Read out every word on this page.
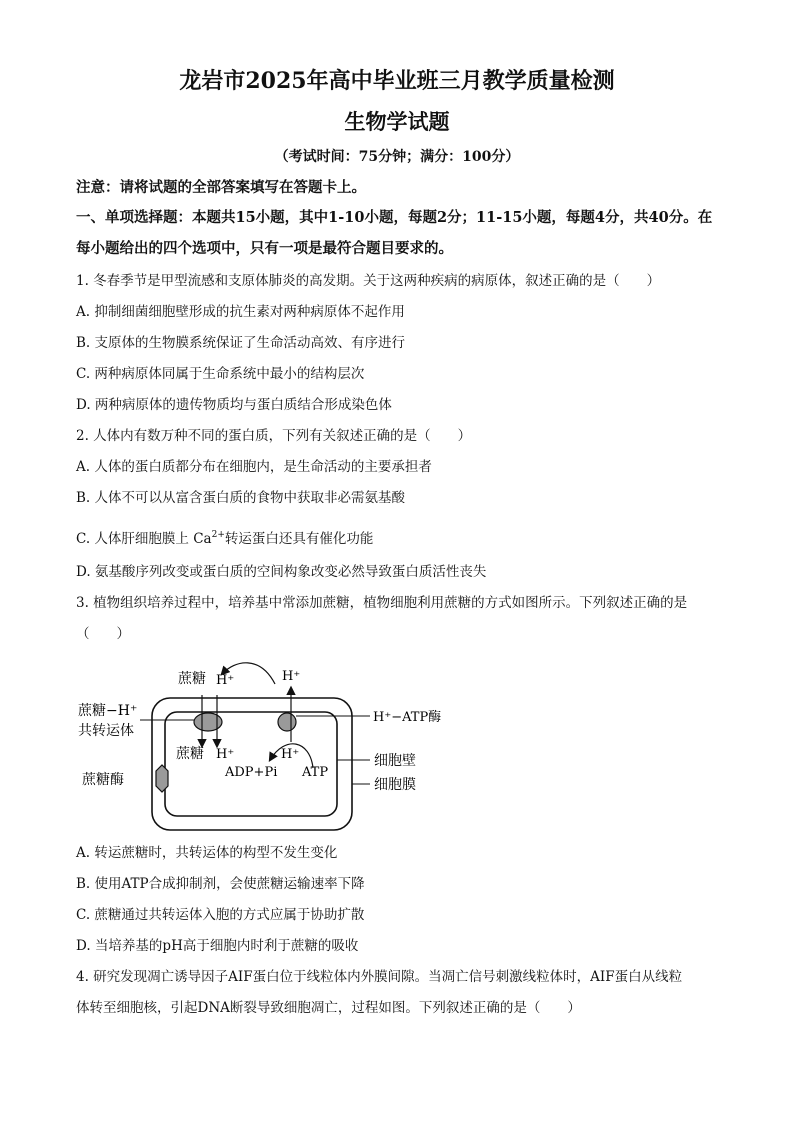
龙岩市2025年高中毕业班三月教学质量检测
生物学试题
（考试时间：75分钟；满分：100分）
注意：请将试题的全部答案填写在答题卡上。
一、单项选择题：本题共15小题，其中1-10小题，每题2分；11-15小题，每题4分，共40分。在每小题给出的四个选项中，只有一项是最符合题目要求的。
1. 冬春季节是甲型流感和支原体肺炎的高发期。关于这两种疾病的病原体，叙述正确的是（　　）
A. 抑制细菌细胞壁形成的抗生素对两种病原体不起作用
B. 支原体的生物膜系统保证了生命活动高效、有序进行
C. 两种病原体同属于生命系统中最小的结构层次
D. 两种病原体的遗传物质均与蛋白质结合形成染色体
2. 人体内有数万种不同的蛋白质，下列有关叙述正确的是（　　）
A. 人体的蛋白质都分布在细胞内，是生命活动的主要承担者
B. 人体不可以从富含蛋白质的食物中获取非必需氨基酸
C. 人体肝细胞膜上 $Ca^{2+}$转运蛋白还具有催化功能
D. 氨基酸序列改变或蛋白质的空间构象改变必然导致蛋白质活性丧失
3. 植物组织培养过程中，培养基中常添加蔗糖，植物细胞利用蔗糖的方式如图所示。下列叙述正确的是
（　　）
蔗糖 H⁺	H⁺
蔗糖−H⁺
共转运体
H⁺−ATP酶
蔗糖 H⁺	H⁺
ADP+Pi ATP
细胞壁
细胞膜
蔗糖酶
A. 转运蔗糖时，共转运体的构型不发生变化
B. 使用ATP合成抑制剂，会使蔗糖运输速率下降
C. 蔗糖通过共转运体入胞的方式应属于协助扩散
D. 当培养基的pH高于细胞内时利于蔗糖的吸收
4. 研究发现凋亡诱导因子AIF蛋白位于线粒体内外膜间隙。当凋亡信号刺激线粒体时，AIF蛋白从线粒
体转至细胞核，引起DNA断裂导致细胞凋亡，过程如图。下列叙述正确的是（　　）
